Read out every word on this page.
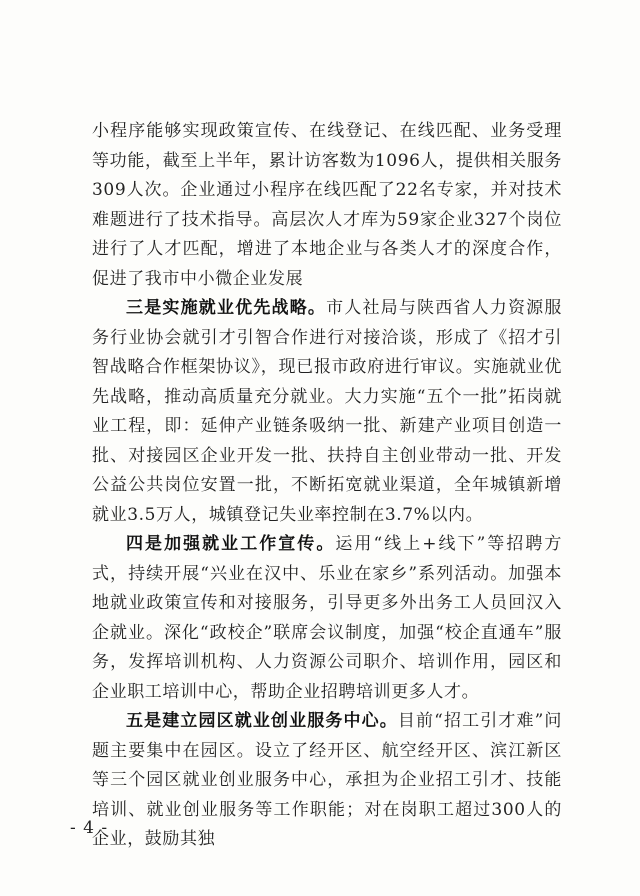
小程序能够实现政策宣传、在线登记、在线匹配、业务受理等功能，截至上半年，累计访客数为1096人，提供相关服务309人次。企业通过小程序在线匹配了22名专家，并对技术难题进行了技术指导。高层次人才库为59家企业327个岗位进行了人才匹配，增进了本地企业与各类人才的深度合作，促进了我市中小微企业发展

三是实施就业优先战略。市人社局与陕西省人力资源服务行业协会就引才引智合作进行对接洽谈，形成了《招才引智战略合作框架协议》，现已报市政府进行审议。实施就业优先战略，推动高质量充分就业。大力实施“五个一批”拓岗就业工程，即：延伸产业链条吸纳一批、新建产业项目创造一批、对接园区企业开发一批、扶持自主创业带动一批、开发公益公共岗位安置一批，不断拓宽就业渠道，全年城镇新增就业3.5万人，城镇登记失业率控制在3.7%以内。

四是加强就业工作宣传。运用“线上+线下”等招聘方式，持续开展“兴业在汉中、乐业在家乡”系列活动。加强本地就业政策宣传和对接服务，引导更多外出务工人员回汉入企就业。深化“政校企”联席会议制度，加强“校企直通车”服务，发挥培训机构、人力资源公司职介、培训作用，园区和企业职工培训中心，帮助企业招聘培训更多人才。

五是建立园区就业创业服务中心。目前“招工引才难”问题主要集中在园区。设立了经开区、航空经开区、滨江新区等三个园区就业创业服务中心，承担为企业招工引才、技能培训、就业创业服务等工作职能；对在岗职工超过300人的企业，鼓励其独

- 4 -
